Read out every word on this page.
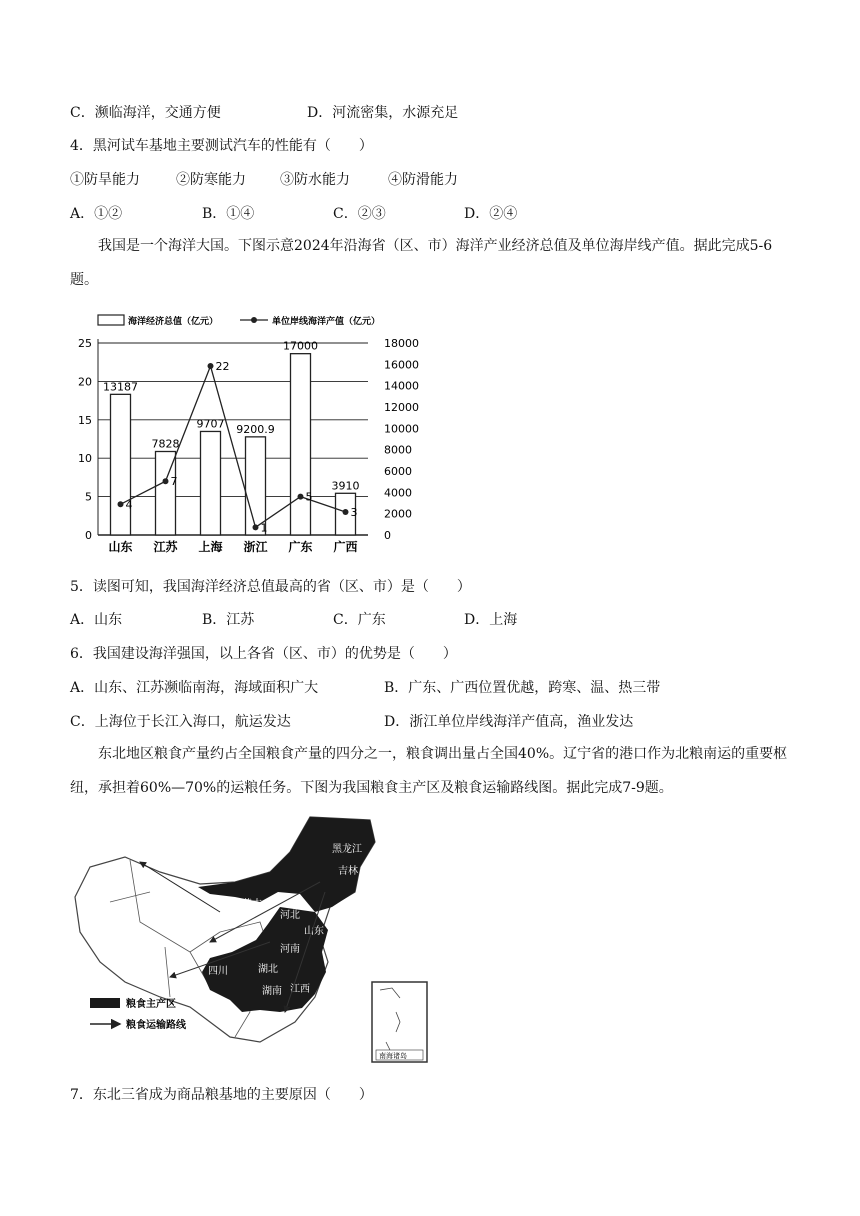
C．濒临海洋，交通方便	D．河流密集，水源充足
4．黑河试车基地主要测试汽车的性能有（　　）
①防旱能力	②防寒能力 ③防水能力	④防滑能力
A．①②	B．①④	C．②③	D．②④
我国是一个海洋大国。下图示意2024年沿海省（区、市）海洋产业经济总值及单位海岸线产值。据此完成5-6题。
海洋经济总值（亿元）	单位岸线海洋产值（亿元）
0
5
10
15
20
25
0
2000
4000
6000
8000
10000
12000
14000
16000
18000
13187
山东
7828
江苏
9707
上海
9200.9
浙江
17000
广东
3910
广西
4
7
22
1
5
3
5．读图可知，我国海洋经济总值最高的省（区、市）是（　　）
A．山东	B．江苏	C．广东	D．上海
6．我国建设海洋强国，以上各省（区、市）的优势是（　　）
A．山东、江苏濒临南海，海域面积广大	B．广东、广西位置优越，跨寒、温、热三带
C．上海位于长江入海口，航运发达	D．浙江单位岸线海洋产值高，渔业发达
东北地区粮食产量约占全国粮食产量的四分之一，粮食调出量占全国40%。辽宁省的港口作为北粮南运的重要枢纽，承担着60%—70%的运粮任务。下图为我国粮食主产区及粮食运输路线图。据此完成7-9题。
黑龙江
吉林
内蒙古
河北
山东
河南
四川	湖北
湖南 江西
粮食主产区
粮食运输路线
南海诸岛
7．东北三省成为商品粮基地的主要原因（　　）
